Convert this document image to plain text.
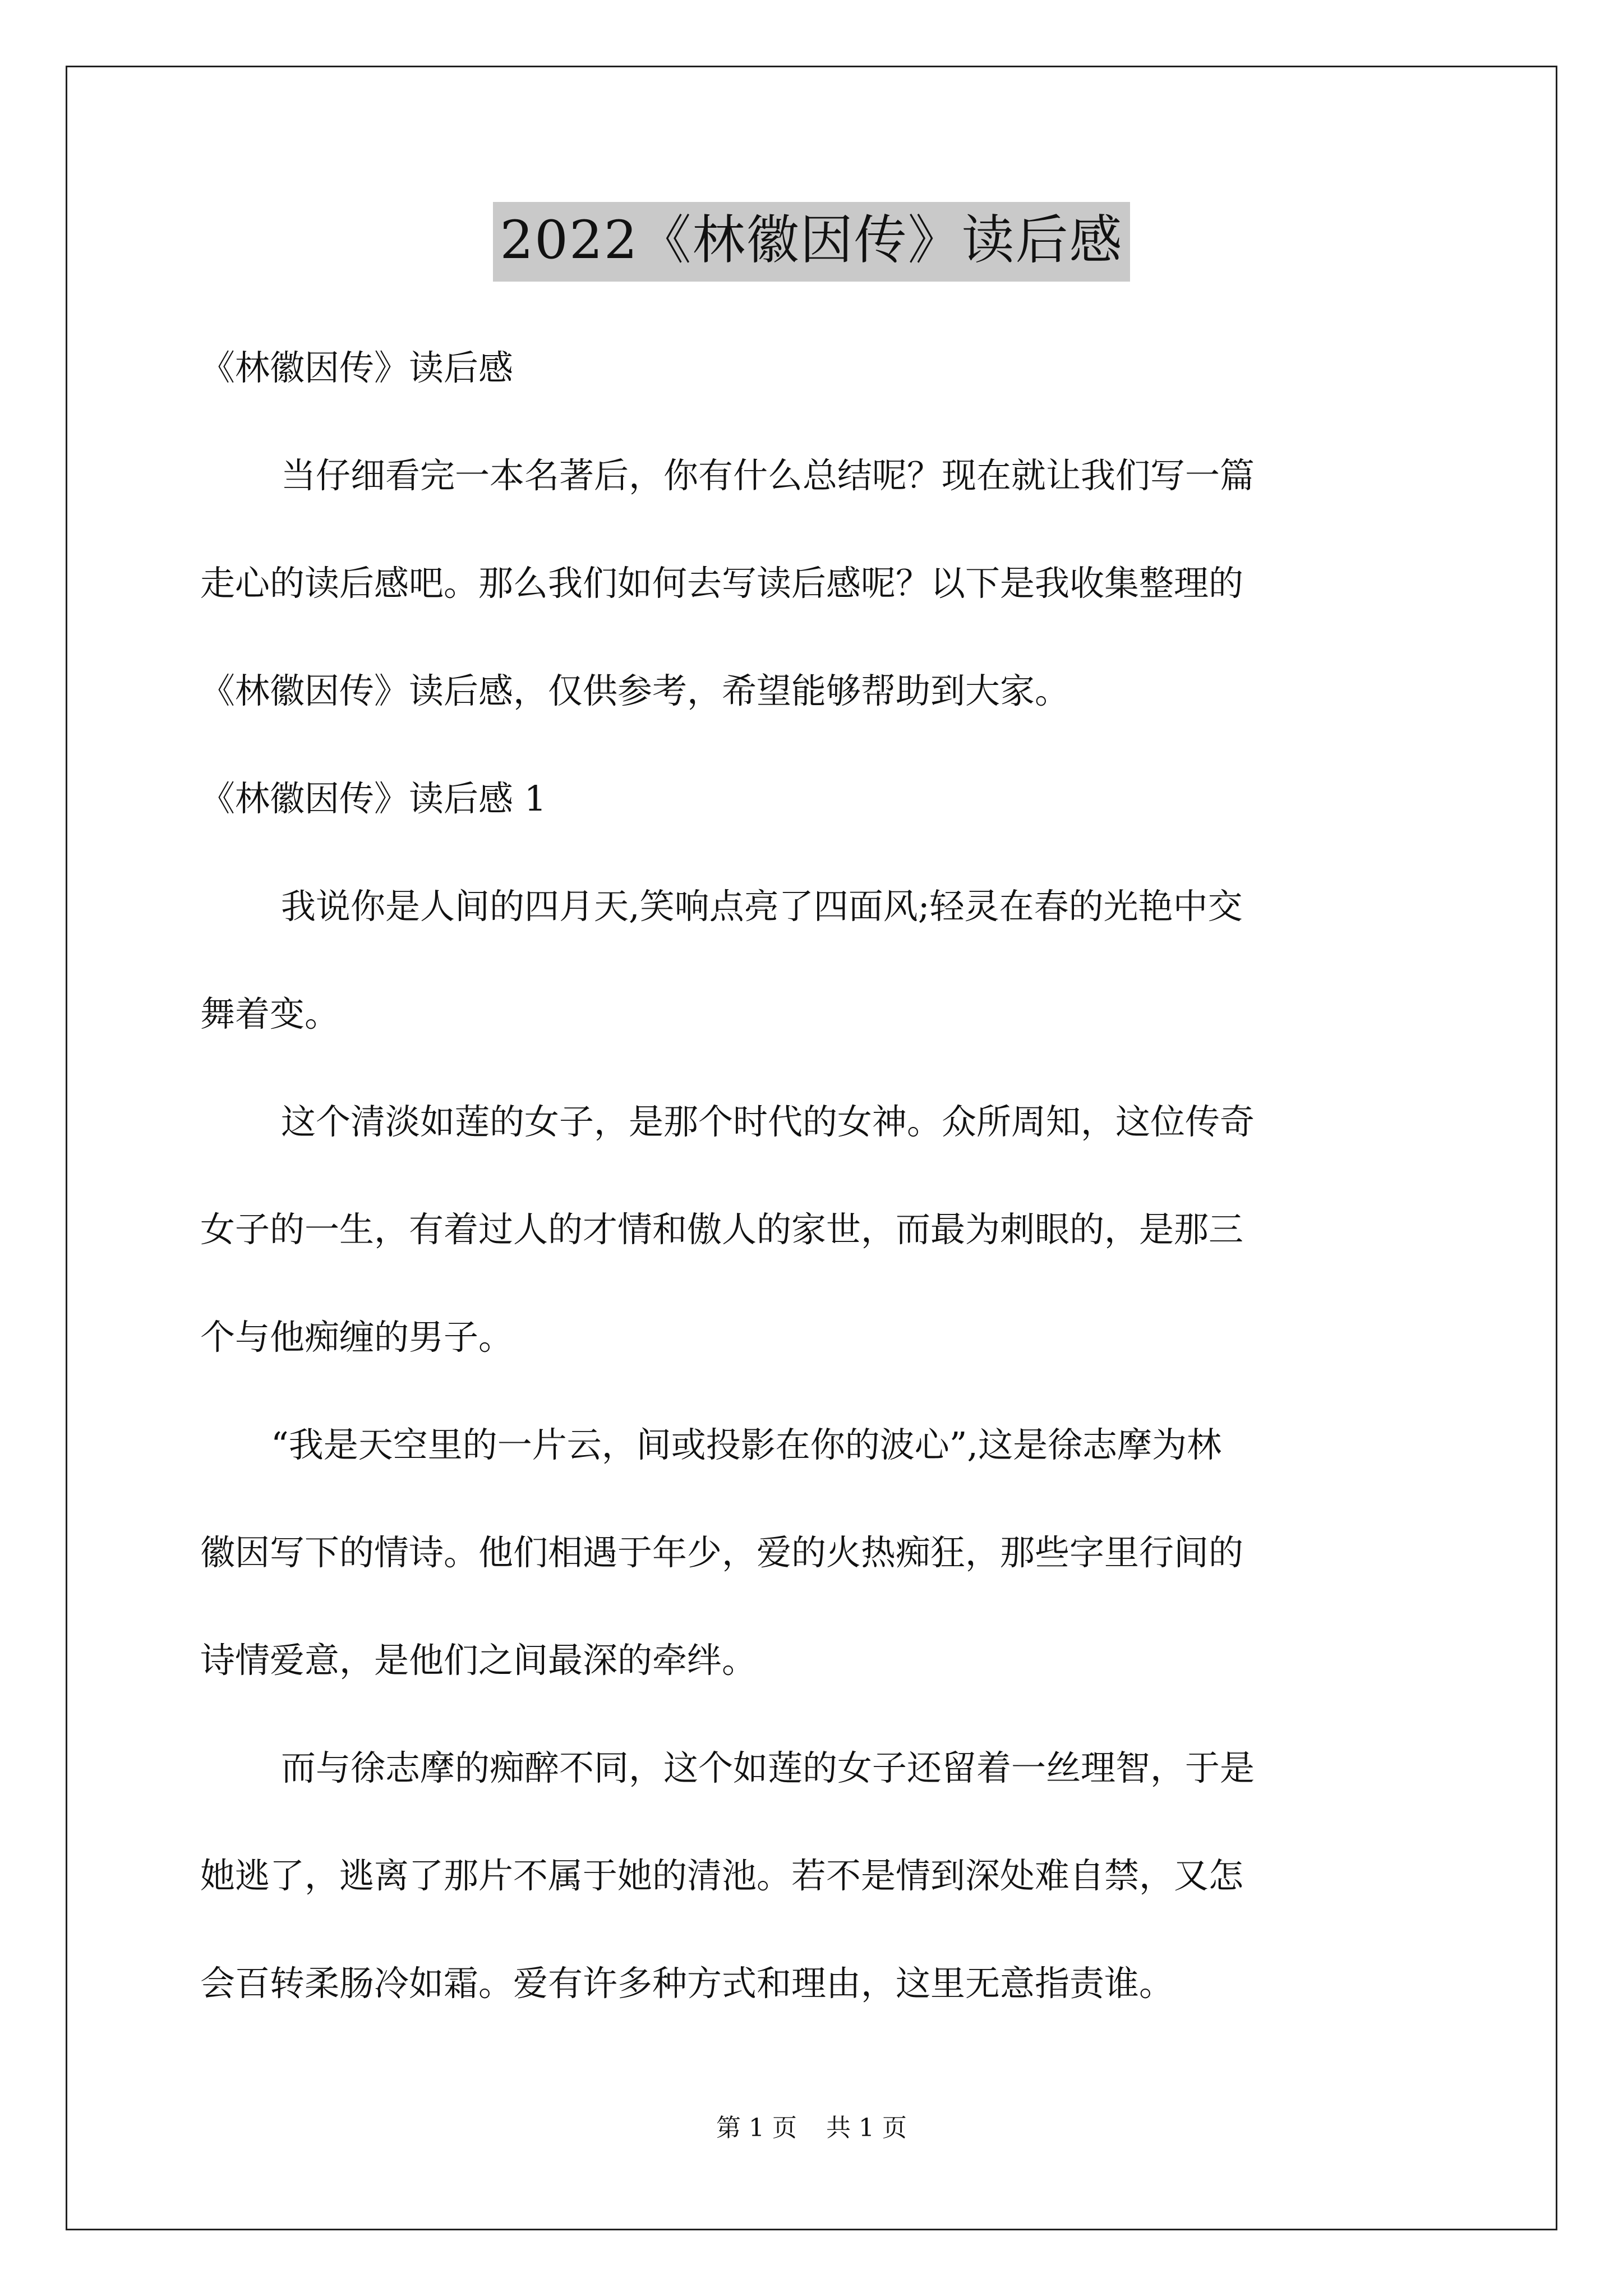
2022《林徽因传》读后感
《林徽因传》读后感
当仔细看完一本名著后，你有什么总结呢？现在就让我们写一篇
走心的读后感吧。那么我们如何去写读后感呢？以下是我收集整理的
《林徽因传》读后感，仅供参考，希望能够帮助到大家。
《林徽因传》读后感 1
我说你是人间的四月天,笑响点亮了四面风;轻灵在春的光艳中交
舞着变。
这个清淡如莲的女子，是那个时代的女神。众所周知，这位传奇
女子的一生，有着过人的才情和傲人的家世，而最为刺眼的，是那三
个与他痴缠的男子。
“我是天空里的一片云，间或投影在你的波心”,这是徐志摩为林
徽因写下的情诗。他们相遇于年少，爱的火热痴狂，那些字里行间的
诗情爱意，是他们之间最深的牵绊。
而与徐志摩的痴醉不同，这个如莲的女子还留着一丝理智，于是
她逃了，逃离了那片不属于她的清池。若不是情到深处难自禁，又怎
会百转柔肠冷如霜。爱有许多种方式和理由，这里无意指责谁。
第 1 页 共 1 页
